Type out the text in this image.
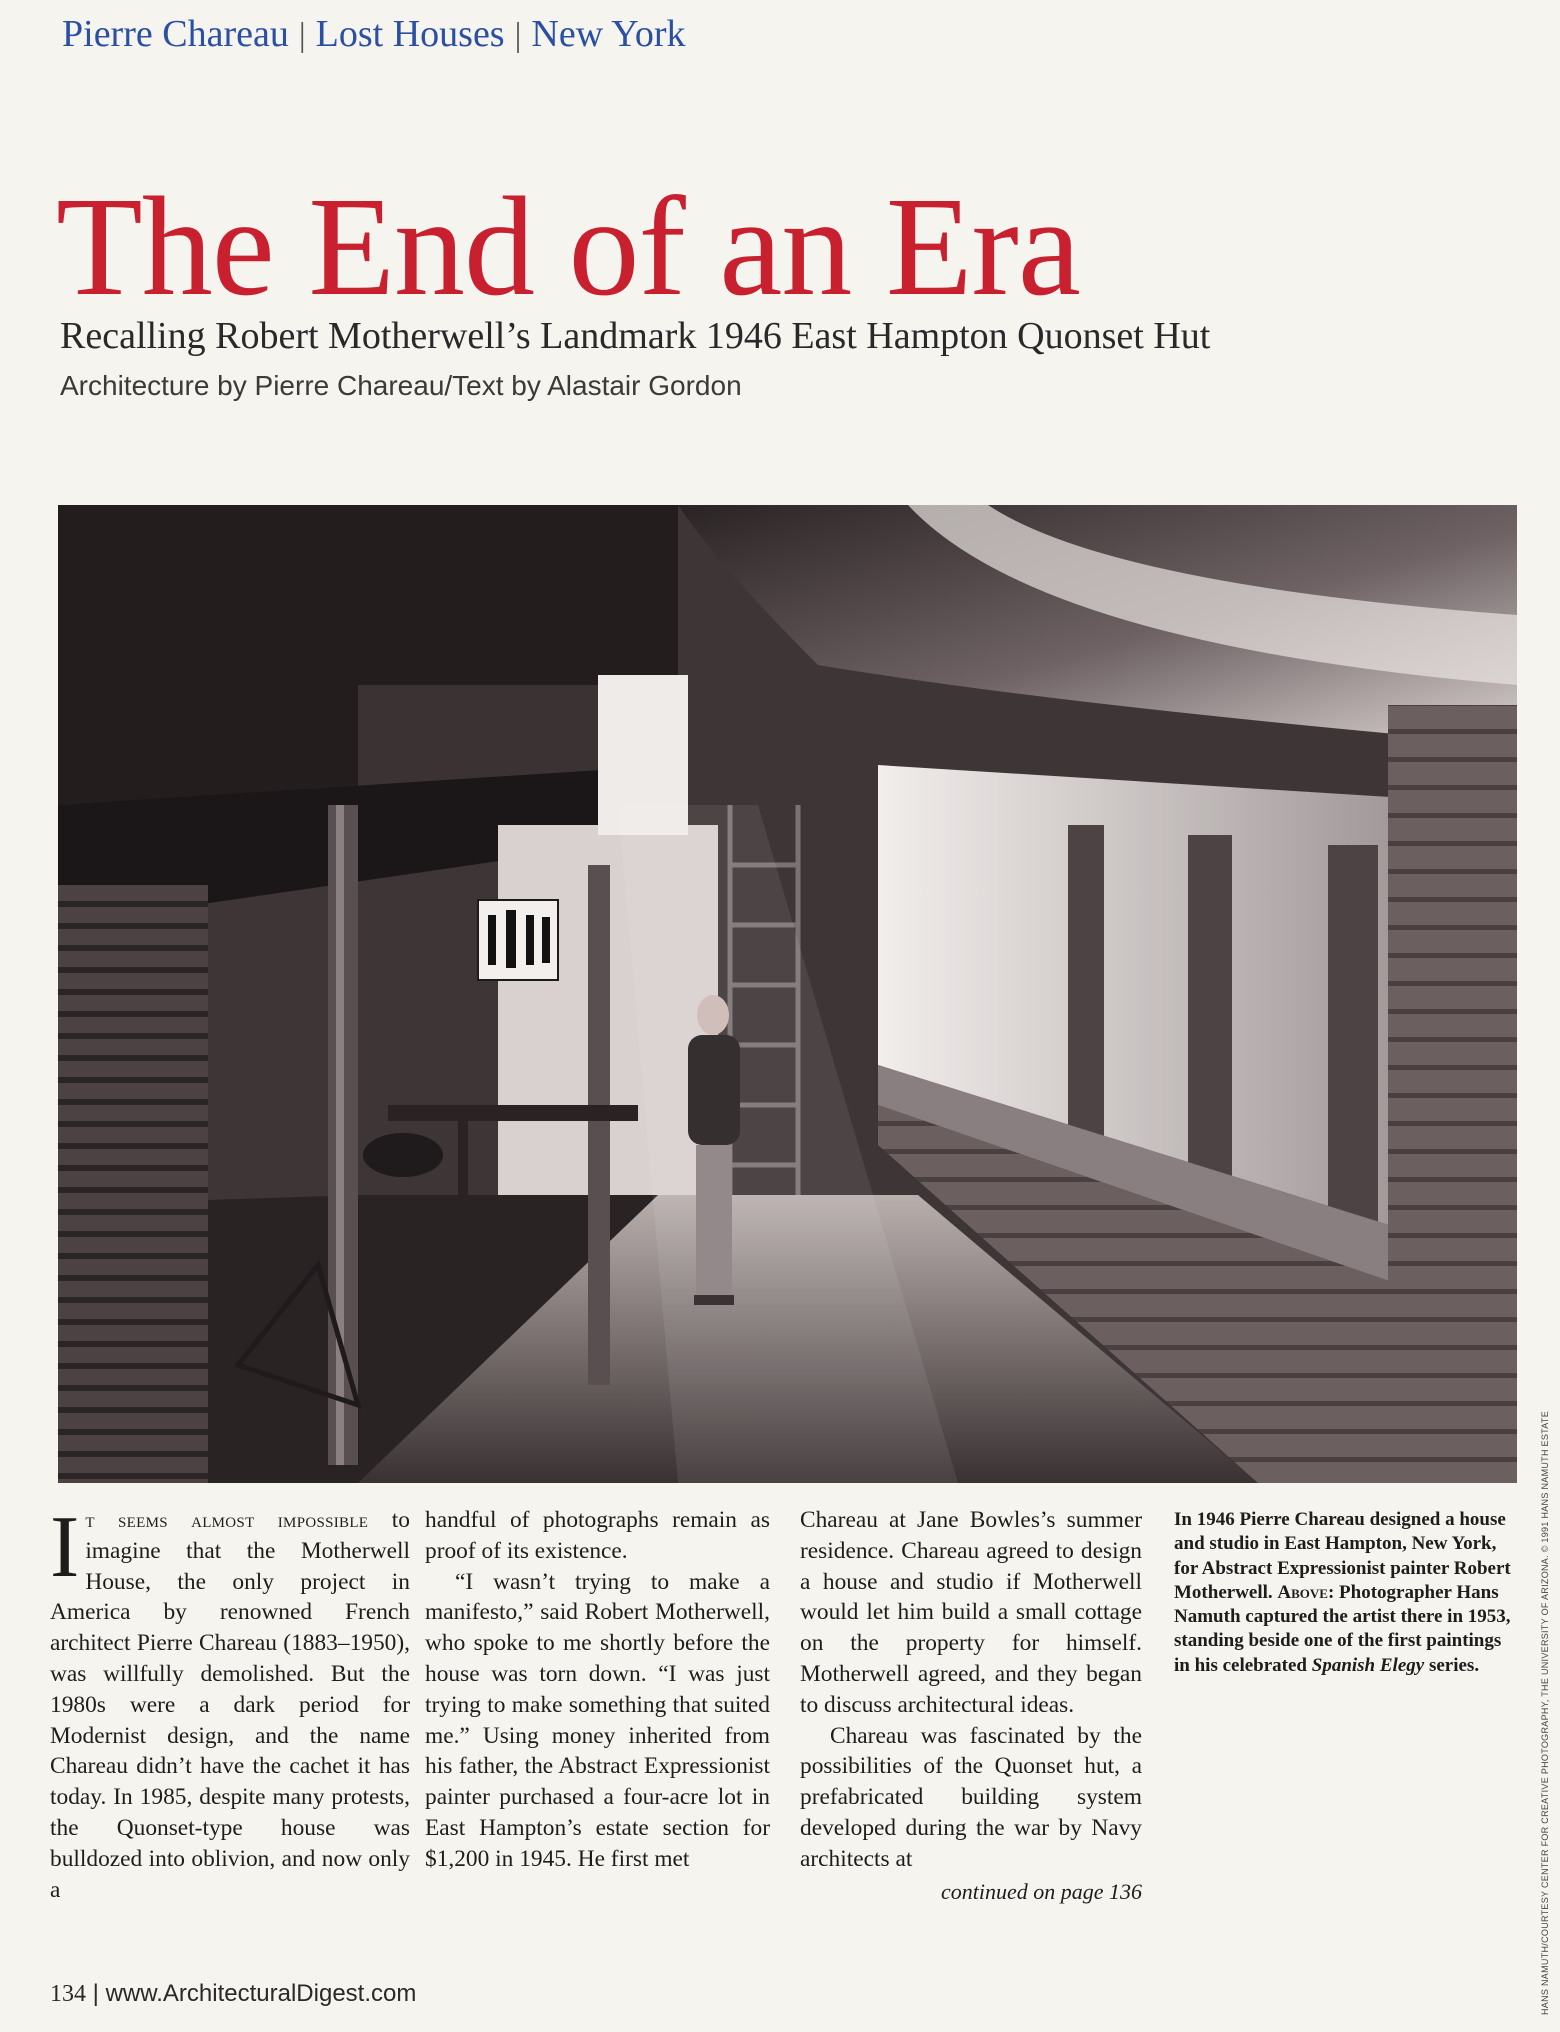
Pierre Chareau | Lost Houses | New York
The End of an Era
Recalling Robert Motherwell’s Landmark 1946 East Hampton Quonset Hut
Architecture by Pierre Chareau/Text by Alastair Gordon

It seems almost impossible to imagine that the Motherwell House, the only project in America by renowned French architect Pierre Chareau (1883–1950), was willfully demolished. But the 1980s were a dark period for Modernist design, and the name Chareau didn’t have the cachet it has today. In 1985, despite many protests, the Quonset-type house was bulldozed into oblivion, and now only a

handful of photographs remain as proof of its existence.

“I wasn’t trying to make a manifesto,” said Robert Motherwell, who spoke to me shortly before the house was torn down. “I was just trying to make something that suited me.” Using money inherited from his father, the Abstract Expressionist painter purchased a four-acre lot in East Hampton’s estate section for $1,200 in 1945. He first met

Chareau at Jane Bowles’s summer residence. Chareau agreed to design a house and studio if Motherwell would let him build a small cottage on the property for himself. Motherwell agreed, and they began to discuss architectural ideas.

Chareau was fascinated by the possibilities of the Quonset hut, a prefabricated building system developed during the war by Navy architects at

continued on page 136
In 1946 Pierre Chareau designed a house and studio in East Hampton, New York, for Abstract Expressionist painter Robert Motherwell. Above: Photographer Hans Namuth captured the artist there in 1953, standing beside one of the first paintings in his celebrated Spanish Elegy series.
134 | www.ArchitecturalDigest.com	HANS NAMUTH/COURTESY CENTER FOR CREATIVE PHOTOGRAPHY, THE UNIVERSITY OF ARIZONA. © 1991 HANS NAMUTH ESTATE
